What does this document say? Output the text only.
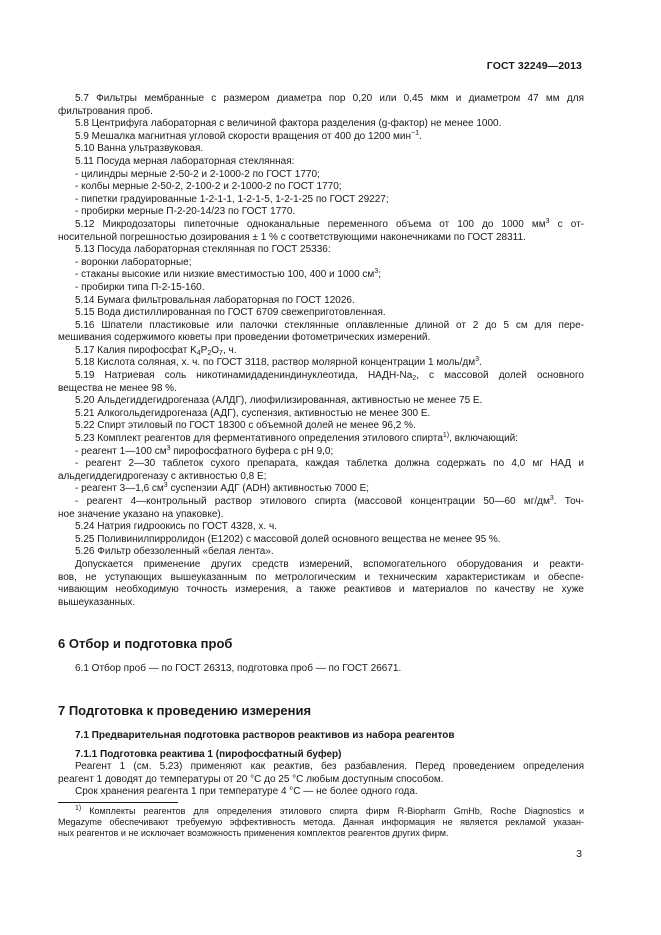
ГОСТ 32249—2013

5.7 Фильтры мембранные с размером диаметра пор 0,20 или 0,45 мкм и диаметром 47 мм для

фильтрования проб.

5.8 Центрифуга лабораторная с величиной фактора разделения (g-фактор) не менее 1000.

5.9 Мешалка магнитная угловой скорости вращения от 400 до 1200 мин$^{-1}$.

5.10 Ванна ультразвуковая.

5.11 Посуда мерная лабораторная стеклянная:

- цилиндры мерные 2-50-2 и 2-1000-2 по ГОСТ 1770;

- колбы мерные 2-50-2, 2-100-2 и 2-1000-2 по ГОСТ 1770;

- пипетки градуированные 1-2-1-1, 1-2-1-5, 1-2-1-25 по ГОСТ 29227;

- пробирки мерные П-2-20-14/23 по ГОСТ 1770.

5.12 Микродозаторы пипеточные одноканальные переменного объема от 100 до 1000 $мм^3$ с от-

носительной погрешностью дозирования ± 1 % с соответствующими наконечниками по ГОСТ 28311.

5.13 Посуда лабораторная стеклянная по ГОСТ 25336:

- воронки лабораторные;

- стаканы высокие или низкие вместимостью 100, 400 и 1000 $см^3$;

- пробирки типа П-2-15-160.

5.14 Бумага фильтровальная лабораторная по ГОСТ 12026.

5.15 Вода дистиллированная по ГОСТ 6709 свежеприготовленная.

5.16 Шпатели пластиковые или палочки стеклянные оплавленные длиной от 2 до 5 см для пере-

мешивания содержимого кюветы при проведении фотометрических измерений.

5.17 Калия пирофосфат $K_4P_2O_7$, ч.

5.18 Кислота соляная, х. ч. по ГОСТ 3118, раствор молярной концентрации 1 моль/$дм^3$.

5.19 Натриевая соль никотинамидадениндинуклеотида, НАДН-$Na_2$, с массовой долей основного

вещества не менее 98 %.

5.20 Альдегиддегидрогеназа (АЛДГ), лиофилизированная, активностью не менее 75 Е.

5.21 Алкогольдегидрогеназа (АДГ), суспензия, активностью не менее 300 Е.

5.22 Спирт этиловый по ГОСТ 18300 с объемной долей не менее 96,2 %.

5.23 Комплект реагентов для ферментативного определения этилового спирта$^{1)}$, включающий:

- реагент 1—100 $см^3$ пирофосфатного буфера с рН 9,0;

- реагент 2—30 таблеток сухого препарата, каждая таблетка должна содержать по 4,0 мг НАД и

альдегиддегидрогеназу с активностью 0,8 Е;

- реагент 3—1,6 $см^3$ суспензии АДГ (ADH) активностью 7000 Е;

- реагент 4—контрольный раствор этилового спирта (массовой концентрации 50—60 $мг/дм^3$. Точ-

ное значение указано на упаковке).

5.24 Натрия гидроокись по ГОСТ 4328, х. ч.

5.25 Поливинилпирролидон (Е1202) с массовой долей основного вещества не менее 95 %.

5.26 Фильтр обеззоленный «белая лента».

Допускается применение других средств измерений, вспомогательного оборудования и реакти-

вов, не уступающих вышеуказанным по метрологическим и техническим характеристикам и обеспе-

чивающим необходимую точность измерения, а также реактивов и материалов по качеству не хуже

вышеуказанных.

6 Отбор и подготовка проб

6.1 Отбор проб — по ГОСТ 26313, подготовка проб — по ГОСТ 26671.

7 Подготовка к проведению измерения

7.1 Предварительная подготовка растворов реактивов из набора реагентов

7.1.1 Подготовка реактива 1 (пирофосфатный буфер)

Реагент 1 (см. 5.23) применяют как реактив, без разбавления. Перед проведением определения

реагент 1 доводят до температуры от 20 °С до 25 °С любым доступным способом.

Срок хранения реагента 1 при температуре 4 °С — не более одного года.

$^{1)}$ Комплекты реагентов для определения этилового спирта фирм R-Biopharm GmHb, Roche Diagnostics и

Megazyme обеспечивают требуемую эффективность метода. Данная информация не является рекламой указан-

ных реагентов и не исключает возможность применения комплектов реагентов других фирм.

3
